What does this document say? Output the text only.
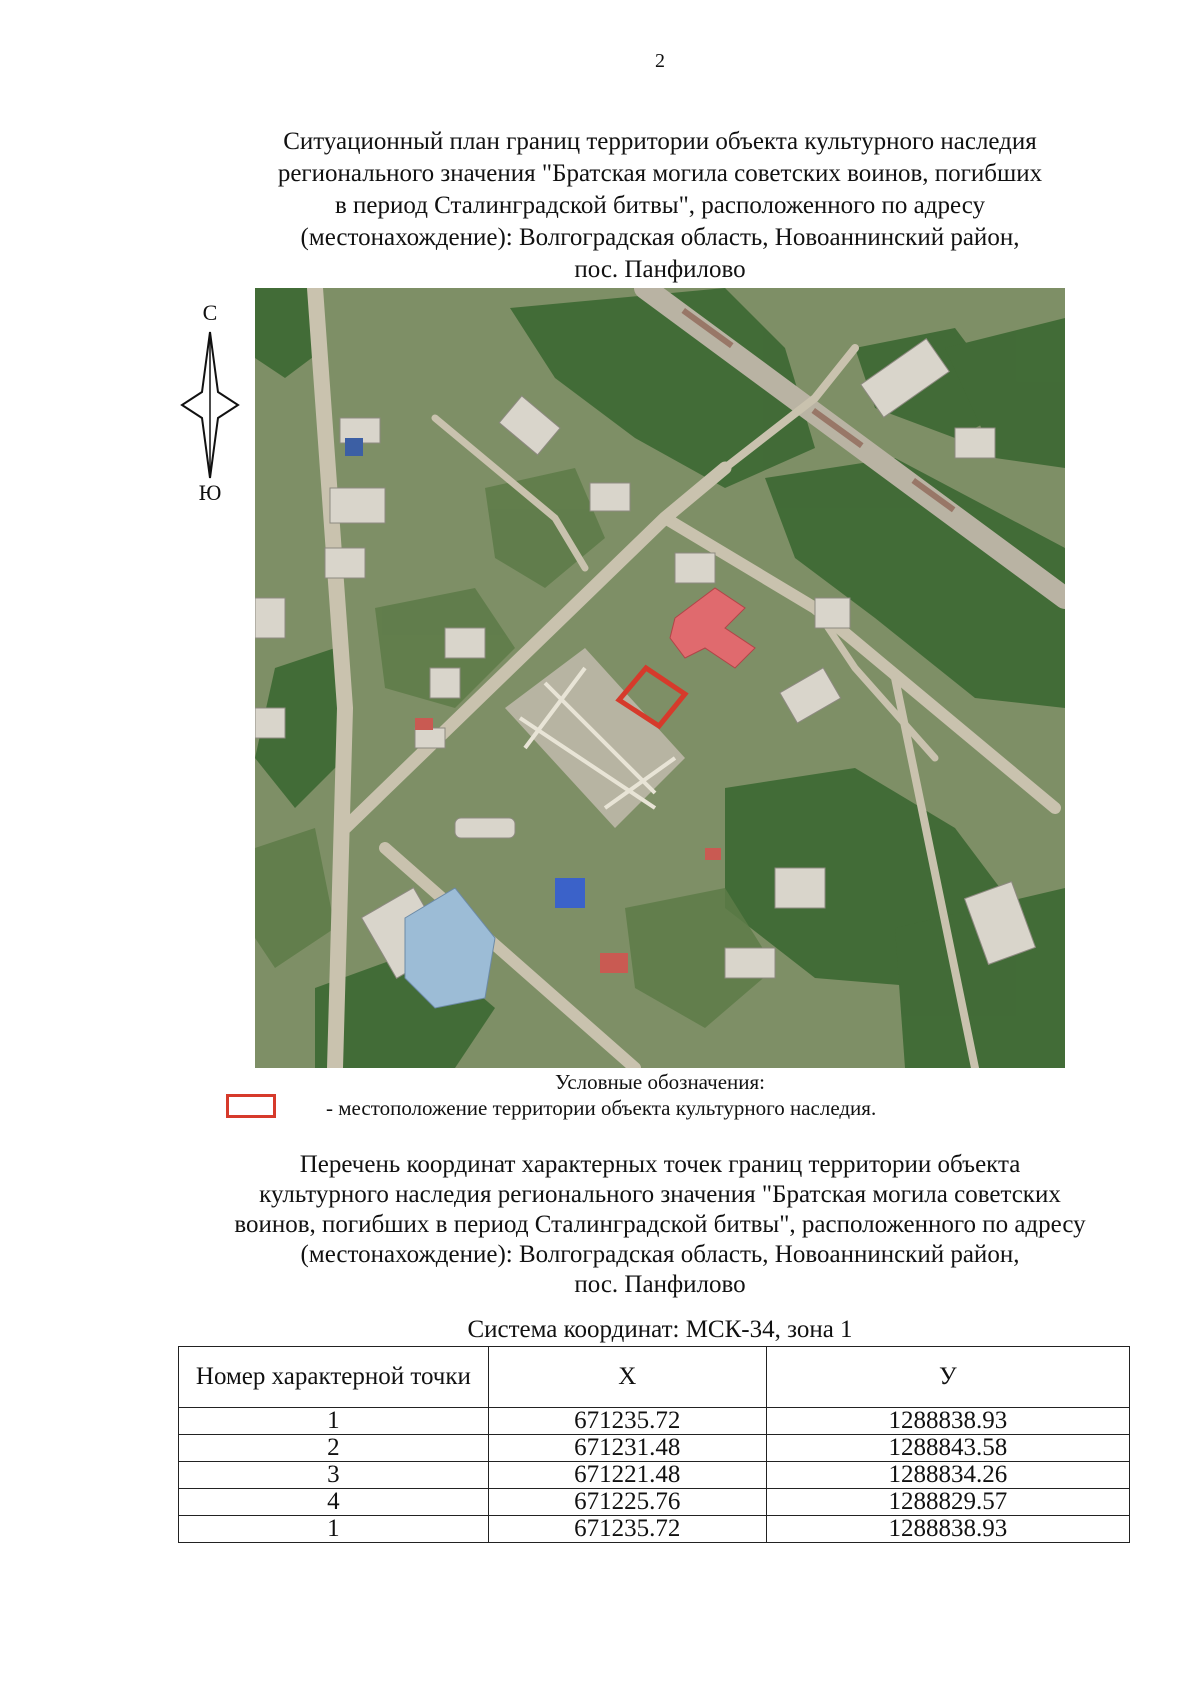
2
Ситуационный план границ территории объекта культурного наследия
регионального значения "Братская могила советских воинов, погибших
в период Сталинградской битвы", расположенного по адресу
(местонахождение): Волгоградская область, Новоаннинский район,
пос. Панфилово
С
Ю
Условные обозначения:
- местоположение территории объекта культурного наследия.
Перечень координат характерных точек границ территории объекта
культурного наследия регионального значения "Братская могила советских
воинов, погибших в период Сталинградской битвы", расположенного по адресу
(местонахождение): Волгоградская область, Новоаннинский район,
пос. Панфилово
Система координат: МСК-34, зона 1
Номер характерной точки	X	У
1	671235.72	1288838.93
2	671231.48	1288843.58
3	671221.48	1288834.26
4	671225.76	1288829.57
1	671235.72	1288838.93
